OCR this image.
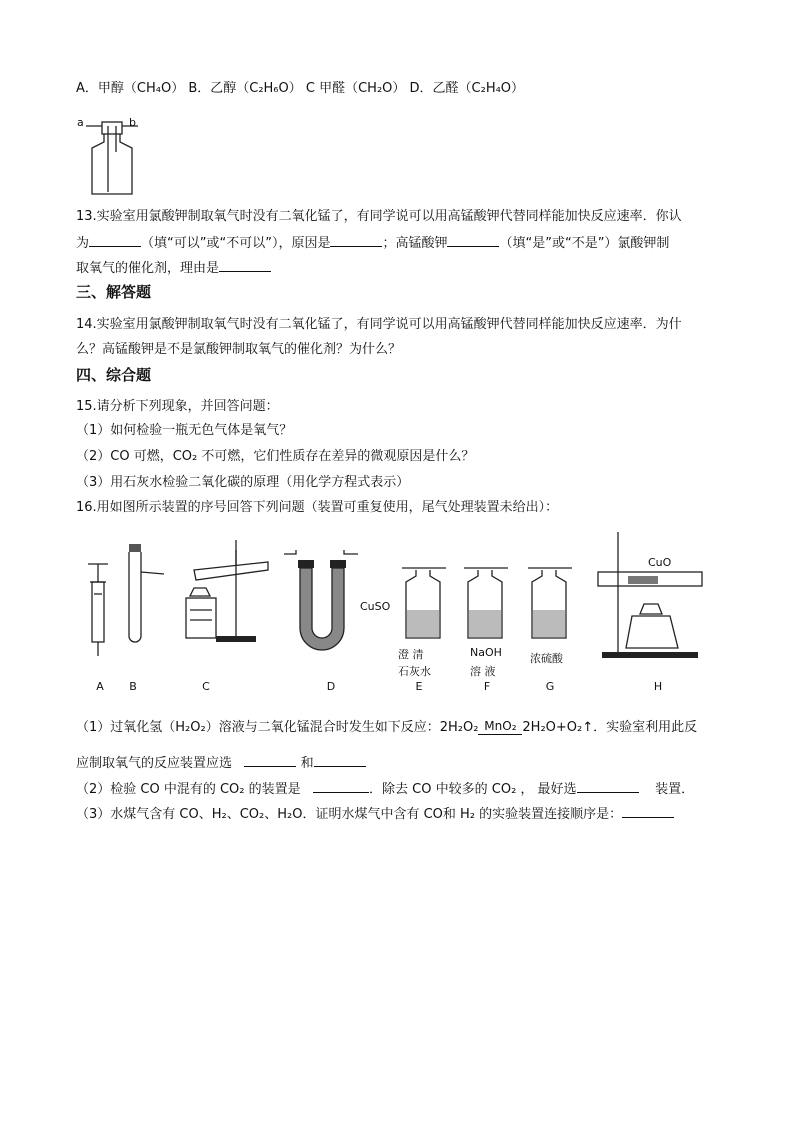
A．甲醇（CH₄O） B．乙醇（C₂H₆O） C 甲醛（CH₂O） D．乙醛（C₂H₄O）
a	b
13.实验室用氯酸钾制取氧气时没有二氧化锰了，有同学说可以用高锰酸钾代替同样能加快反应速率．你认
为	（填“可以”或“不可以”），原因是	；高锰酸钾	（填“是”或“不是”）氯酸钾制
取氧气的催化剂，理由是
三、解答题
14.实验室用氯酸钾制取氧气时没有二氧化锰了，有同学说可以用高锰酸钾代替同样能加快反应速率．为什
么？高锰酸钾是不是氯酸钾制取氧气的催化剂？为什么？
四、综合题
15.请分析下列现象，并回答问题：
（1）如何检验一瓶无色气体是氧气？
（2）CO 可燃，CO₂ 不可燃，它们性质存在差异的微观原因是什么？
（3）用石灰水检验二氧化碳的原理（用化学方程式表示）
16.用如图所示装置的序号回答下列问题（装置可重复使用，尾气处理装置未给出）：
CuSO
澄 清
石灰水
NaOH
溶 液
浓硫酸
CuO
A	B	C	D	E	F	G	H
（1）过氧化氢（H₂O₂）溶液与二氧化锰混合时发生如下反应：2H₂O₂ MnO₂ 2H₂O+O₂↑．实验室利用此反
应制取氧气的反应装置应选	和
（2）检验 CO 中混有的 CO₂ 的装置是	．除去 CO 中较多的 CO₂ ， 最好选	装置．
（3）水煤气含有 CO、H₂、CO₂、H₂O．证明水煤气中含有 CO和 H₂ 的实验装置连接顺序是：
